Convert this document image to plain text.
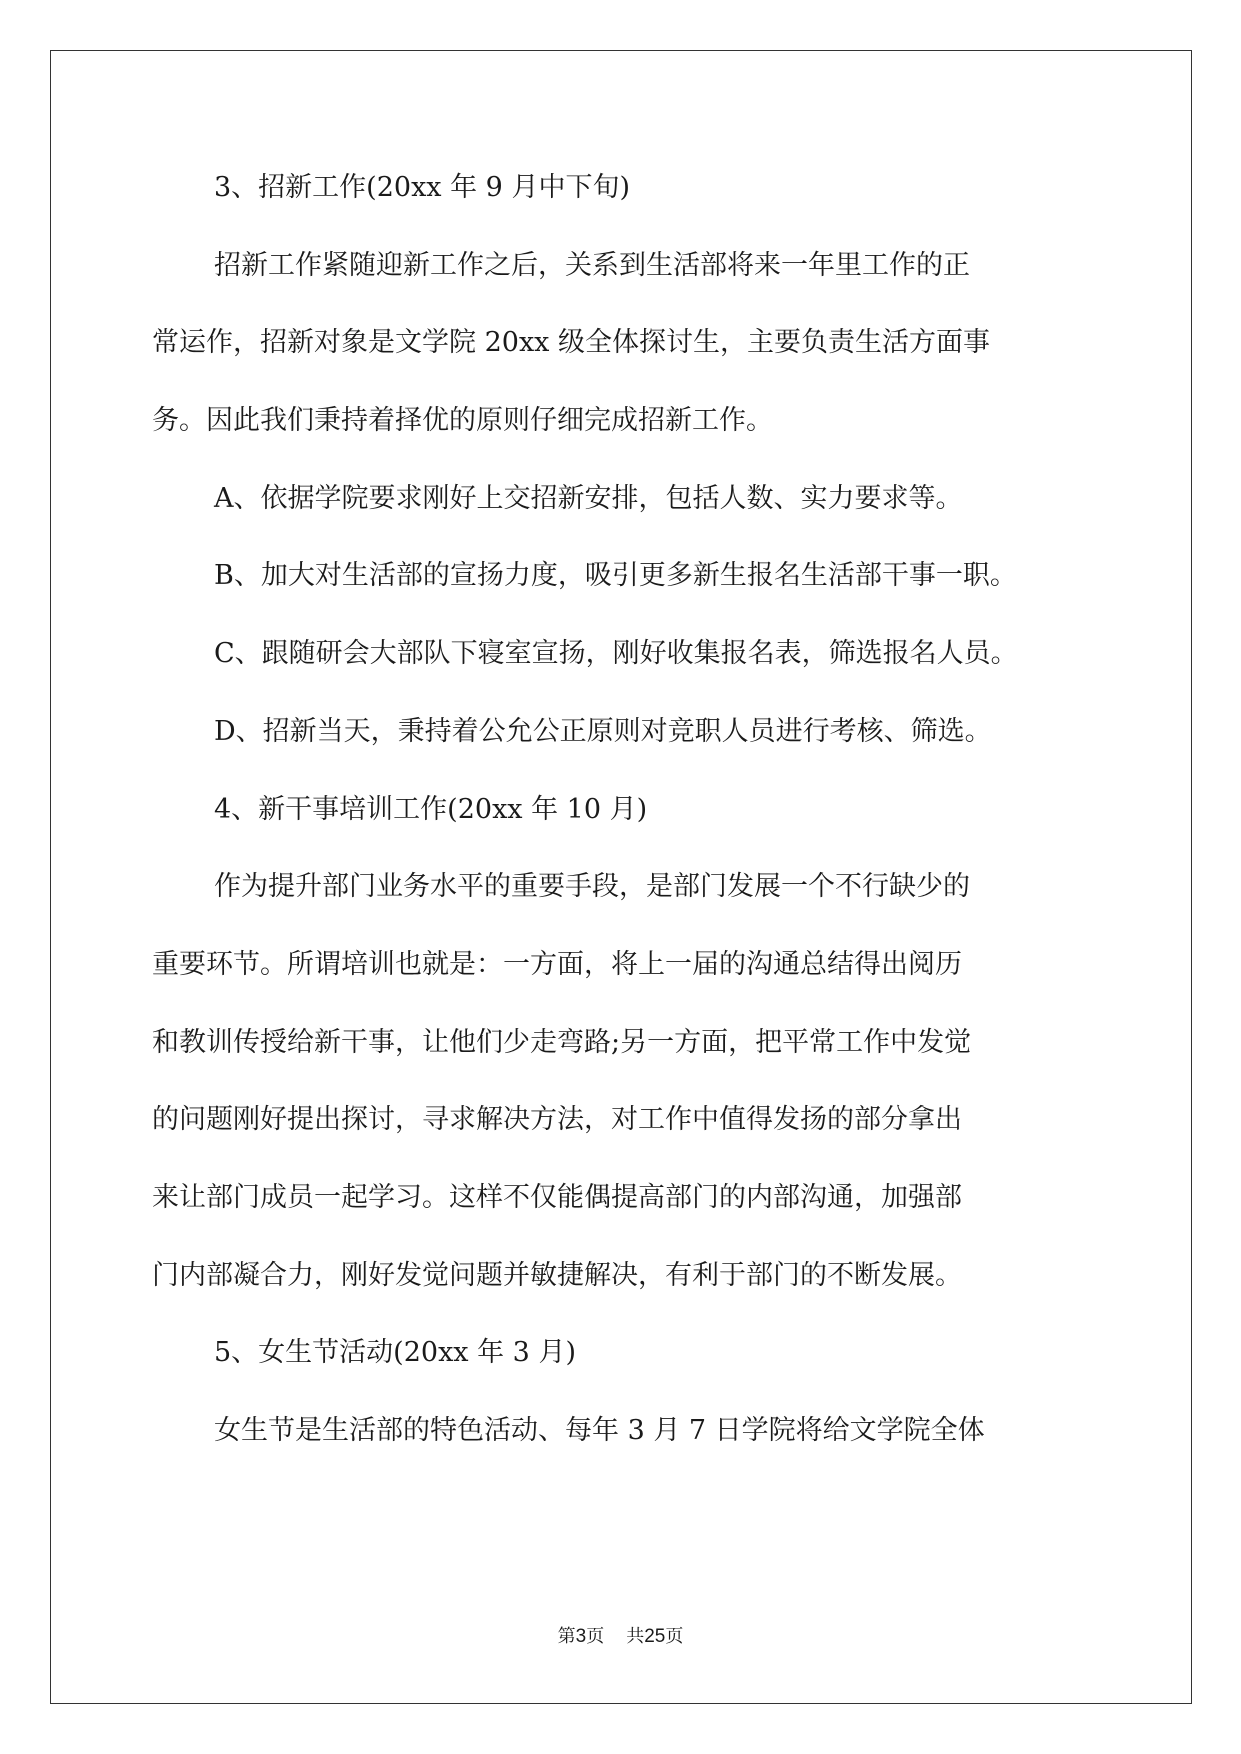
3、招新工作(20xx 年 9 月中下旬)
招新工作紧随迎新工作之后，关系到生活部将来一年里工作的正
常运作，招新对象是文学院 20xx 级全体探讨生，主要负责生活方面事
务。因此我们秉持着择优的原则仔细完成招新工作。
A、依据学院要求刚好上交招新安排，包括人数、实力要求等。
B、加大对生活部的宣扬力度，吸引更多新生报名生活部干事一职。
C、跟随研会大部队下寝室宣扬，刚好收集报名表，筛选报名人员。
D、招新当天，秉持着公允公正原则对竞职人员进行考核、筛选。
4、新干事培训工作(20xx 年 10 月)
作为提升部门业务水平的重要手段，是部门发展一个不行缺少的
重要环节。所谓培训也就是：一方面，将上一届的沟通总结得出阅历
和教训传授给新干事，让他们少走弯路;另一方面，把平常工作中发觉
的问题刚好提出探讨，寻求解决方法，对工作中值得发扬的部分拿出
来让部门成员一起学习。这样不仅能偶提高部门的内部沟通，加强部
门内部凝合力，刚好发觉问题并敏捷解决，有利于部门的不断发展。
5、女生节活动(20xx 年 3 月)
女生节是生活部的特色活动、每年 3 月 7 日学院将给文学院全体
第3页 共25页
